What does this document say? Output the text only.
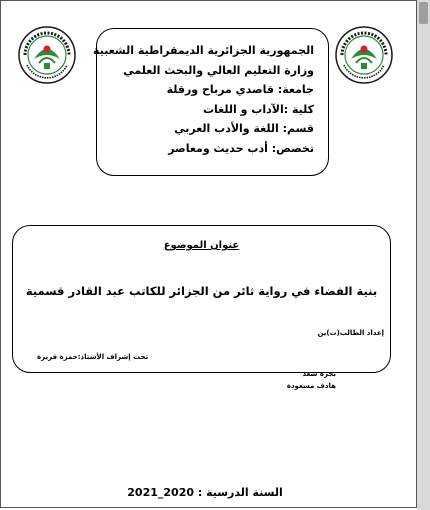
الجمهورية الجزائرية الديمقراطية الشعبية
وزارة التعليم العالي والبحث العلمي
جامعة: قاصدي مرباح ورقلة
كلية :الآداب و اللغات
قسم: اللغة والأدب العربي
تخصص: أدب حديث ومعاصر
عنوان الموضوع
بنية الفضاء في رواية ثائر من الجزائر للكاتب عبد القادر قسمية
إعداد الطالب(ت)ين
تحت إشراف الأستاذ:حمزة قريرة
بجرة سعد
هادف مسعودة
السنة الدرسية : 2020_2021
